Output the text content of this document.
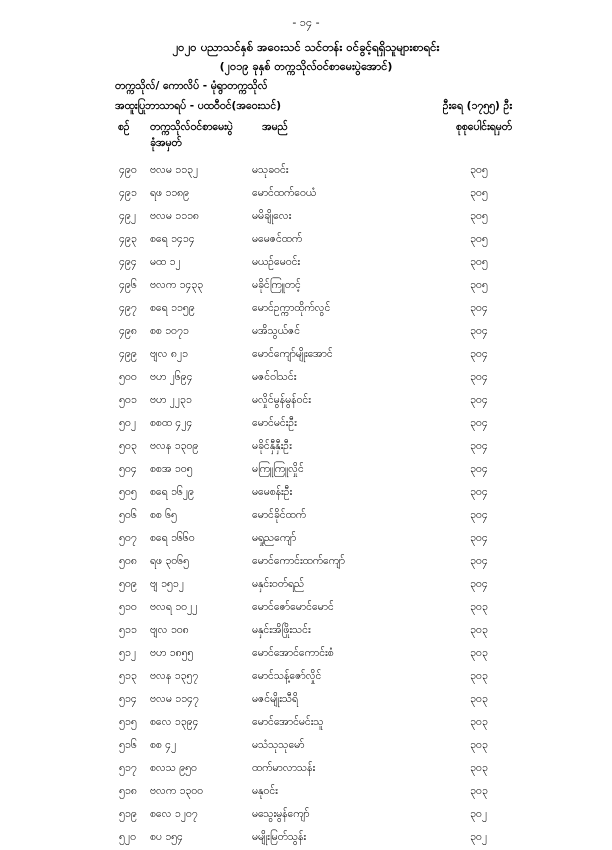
- ၁၄ -
၂၀၂၀ ပညာသင်နှစ် အဝေးသင် သင်တန်း ဝင်ခွင့်ရရှိသူများစာရင်း
(၂၀၁၉ ခုနှစ် တက္ကသိုလ်ဝင်စာမေးပွဲအောင်)
တက္ကသိုလ်/ ကောလိပ် - မုံရွာတက္ကသိုလ်
အထူးပြုဘာသာရပ် - ပထဝီဝင်(အဝေးသင်)	ဦးရေ (၁၇၅၅) ဦး
စဉ် တက္ကသိုလ်ဝင်စာမေးပွဲ
ခုံအမှတ်
အမည်	စုစုပေါင်းရမှတ်
၄၉၀ ဗလမ ၁၁၃၂	မသုခဝင်း	၃၀၅
၄၉၁ ရဖ ၁၁၈၉	မောင်ထက်ဝေယံ	၃၀၅
၄၉၂ ဗလမ ၁၁၁၈	မမိချိုလေး	၃၀၅
၄၉၃ စရေ ၁၄၁၄	မမေဇင်ထက်	၃၀၅
၄၉၄ မထ ၁၂	မယဉ်မေဝင်း	၃၀၅
၄၉၆ ဗလက ၁၄၃၃	မခိုင်ကြူတင့်	၃၀၅
၄၉၇ စရေ ၁၁၅၉	မောင်ဥက္ကာထိုက်လွင်	၃၀၄
၄၉၈ စစ ၁၀၇၁	မအိသွယ်ဇင်	၃၀၄
၄၉၉ ဗျလ ၈၂၁	မောင်ကျော်မျိုးအောင်	၃၀၄
၅၀၀ ဗဟ ၂၆၉၄	မဇင်ဝါသင်း	၃၀၄
၅၀၁ ဗဟ ၂၂၃၁	မလှိုင်မွန်မွန်ဝင်း	၃၀၄
၅၀၂ စစထ ၄၂၄	မောင်မင်းဦး	၃၀၄
၅၀၃ ဗလန ၁၃၀၉	မခိုင်နှီနှီးဦး	၃၀၄
၅၀၄ စစအ ၁၀၅	မကြူကြူလှိုင်	၃၀၄
၅၀၅ စရေ ၁၆၂၉	မမေစန်းဦး	၃၀၄
၅၀၆ စစ ၆၅	မောင်ခိုင်ထက်	၃၀၄
၅၀၇ စရေ ၁၆၆၀	မရှုညကျော်	၃၀၄
၅၀၈ ရဖ ၃၀၆၅	မောင်ကောင်းထက်ကျော်	၃၀၄
၅၀၉ ဗျ ၁၅၁၂	မနှင်းဝတ်ရည်	၃၀၄
၅၁၀ ဗလရ ၁၀၂၂	မောင်ဇော်မောင်မောင်	၃၀၃
၅၁၁ ဗျလ ၁၀၈	မနှင်းအိဖြိုးသင်း	၃၀၃
၅၁၂ ဗဟ ၁၈၅၅	မောင်အောင်ကောင်းစံ	၃၀၃
၅၁၃ ဗလန ၁၃၅၇	မောင်သန့်ဇော်လှိုင်	၃၀၃
၅၁၄ ဗလမ ၁၁၄၇	မဇင်မျိုးသီရိ	၃၀၃
၅၁၅ စလေ ၁၃၉၄	မောင်အောင်မင်းသူ	၃၀၃
၅၁၆ စစ ၄၂	မသံသုသုမော်	၃၀၃
၅၁၇ စလသ ၉၅၀	ထက်မာလာသန်း	၃၀၃
၅၁၈ ဗလက ၁၃၀၀	မနုဝင်း	၃၀၃
၅၁၉ စလေ ၁၂၀၇	မသွေးမွန်ကျော်	၃၀၂
၅၂၀ စပ ၁၅၄	မမျိုးမြတ်သွန်း	၃၀၂
